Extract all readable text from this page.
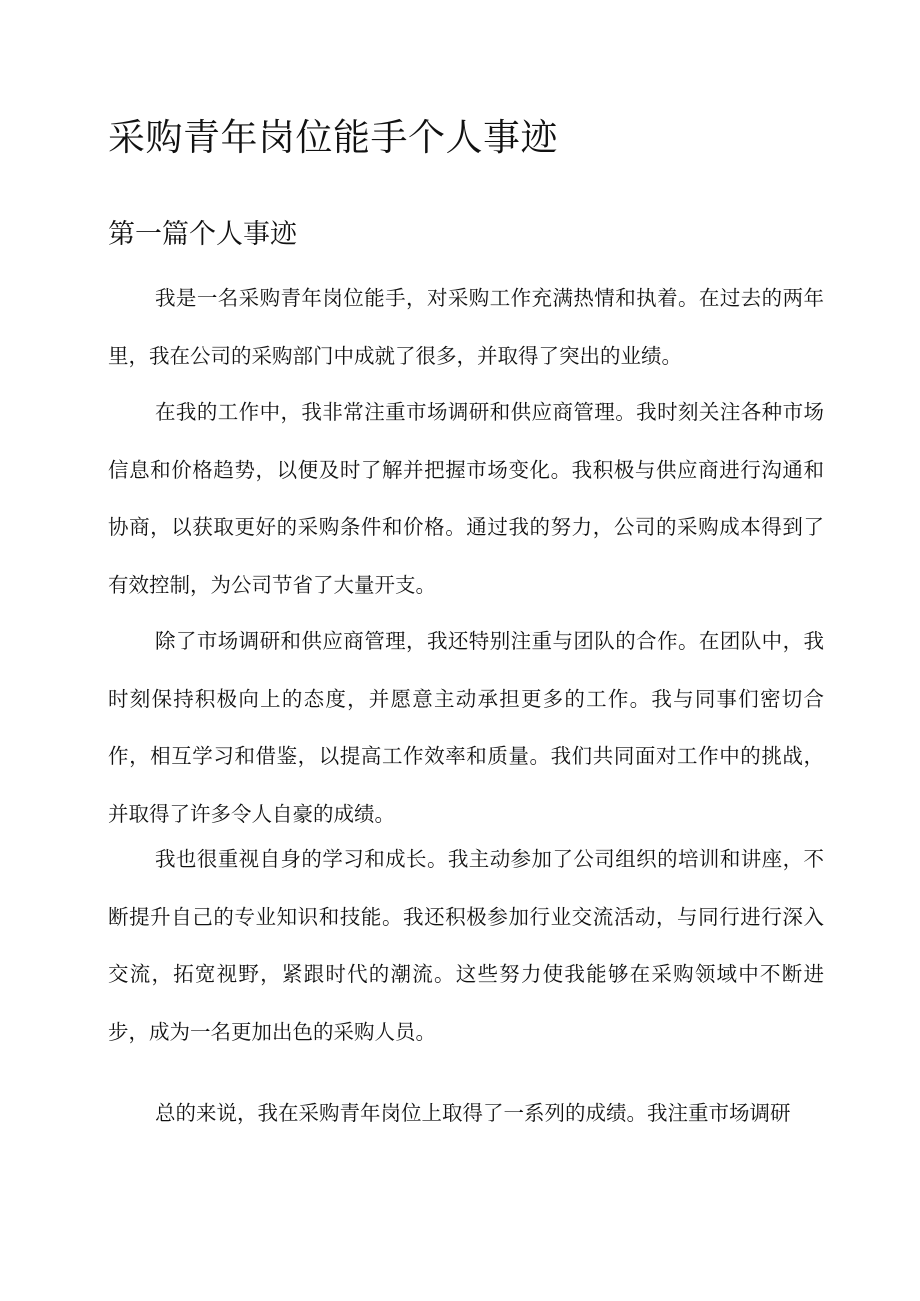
采购青年岗位能手个人事迹
第一篇个人事迹

我是一名采购青年岗位能手，对采购工作充满热情和执着。在过去的两年里，我在公司的采购部门中成就了很多，并取得了突出的业绩。

在我的工作中，我非常注重市场调研和供应商管理。我时刻关注各种市场信息和价格趋势，以便及时了解并把握市场变化。我积极与供应商进行沟通和协商，以获取更好的采购条件和价格。通过我的努力，公司的采购成本得到了有效控制，为公司节省了大量开支。

除了市场调研和供应商管理，我还特别注重与团队的合作。在团队中，我时刻保持积极向上的态度，并愿意主动承担更多的工作。我与同事们密切合作，相互学习和借鉴，以提高工作效率和质量。我们共同面对工作中的挑战，并取得了许多令人自豪的成绩。

我也很重视自身的学习和成长。我主动参加了公司组织的培训和讲座，不断提升自己的专业知识和技能。我还积极参加行业交流活动，与同行进行深入交流，拓宽视野，紧跟时代的潮流。这些努力使我能够在采购领域中不断进步，成为一名更加出色的采购人员。

总的来说，我在采购青年岗位上取得了一系列的成绩。我注重市场调研
